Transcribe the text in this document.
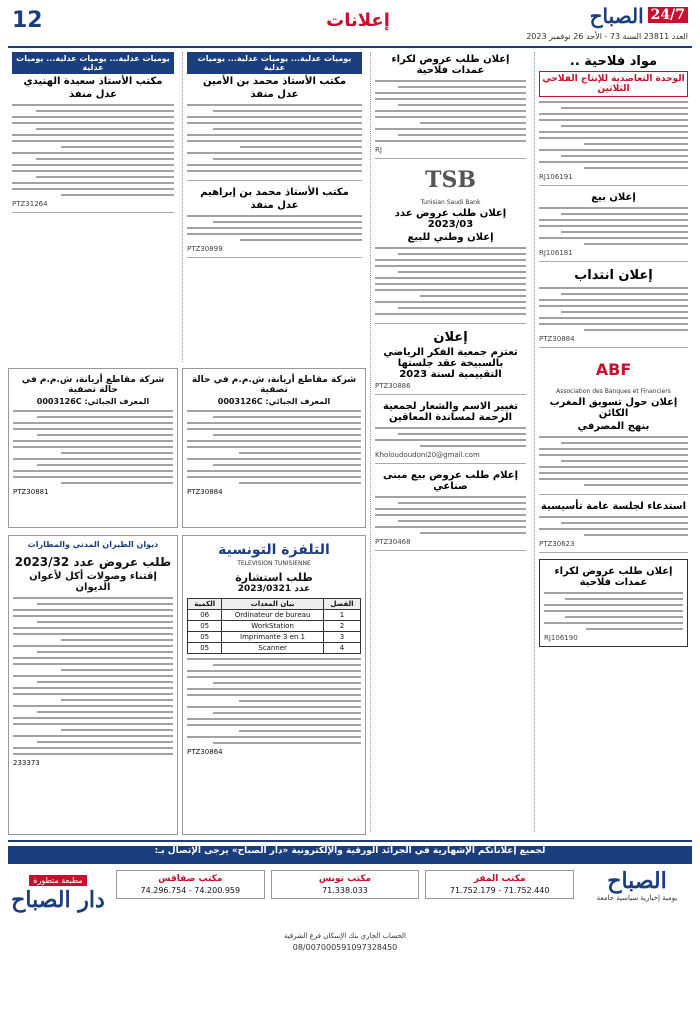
12	إعلانات	24/7الصباح
العدد 23811 السنة 73 - الأحد 26 نوفمبر 2023
مواد فلاحية ..
الوحدة التعاضدية للإنتاج الفلاحي الثلاثين
RJ106191
إعلان بيع
RJ106181
إعلان انتداب
PTZ30884
ABF
Association des Banques et Financiers
إعلان حول تسويق المغرب الكائن
بنهج المصرفي
استدعاء لجلسة عامة تأسيسية
PTZ30623
إعلان طلب عروض لكراء عمدات فلاحية
RJ106190
إعلان طلب عروض لكراء عمدات فلاحية
RJ
TSB
Tunisian Saudi Bank
إعلان طلب عروض عدد 2023/03
إعلان وطني للبيع
إعلان
تعتزم جمعية الفكر الرياضي بالسبيخة عقد جلستها التقييمية لسنة 2023
PTZ30886
تغيير الاسم والشعار لجمعية الرحمة لمساندة المعاقين
Kholoudoudoni20@gmail.com
إعلام طلب عروض بيع مبنى صناعي
PTZ30468
يوميات عدلية... يوميات عدلية... يوميات عدلية
مكتب الأستاذ محمد بن الأمين
عدل منفذ
مكتب الأستاذ محمد بن إبراهيم
عدل منفذ
PTZ30899
يوميات عدلية... يوميات عدلية... يوميات عدلية
مكتب الأستاذ سعيدة الهنيدي
عدل منفذ
PTZ31264
شركة مقاطع أريانة، ش.م.م في حالة تصفية
المعرف الجبائي: 0003126C
PTZ30884
شركة مقاطع أريانة، ش.م.م في حالة تصفية
المعرف الجبائي: 0003126C
PTZ30881
التلفزة التونسية
TELEVISION TUNISIENNE
طلب استشارة
عدد 2023/0321
الفصل	بيان المعدات	الكمية
1	Ordinateur de bureau	06
2	WorkStation	05
3	Imprimante 3 en 1	05
4	Scanner	05
PTZ30864
ديوان الطيران المدني والمطارات
طلب عروض عدد 2023/32
إقتناء وصولات أكل لأعوان الديوان
233373
لجميع إعلاناتكم الإشهارية في الجرائد الورقية والإلكترونية «دار الصباح» يرجى الإتصال بـ:
الصباح
يومية إخبارية سياسية جامعة
مكتب المقر
71.752.179 - 71.752.440
مكتب تونس
71.338.033
مكتب صفاقس
74.296.754 - 74.200.959
الحساب الجاري بنك الإسكان فرع الشرقية
08/007000591097328450
مطبعة متطورة
دار الصباح
